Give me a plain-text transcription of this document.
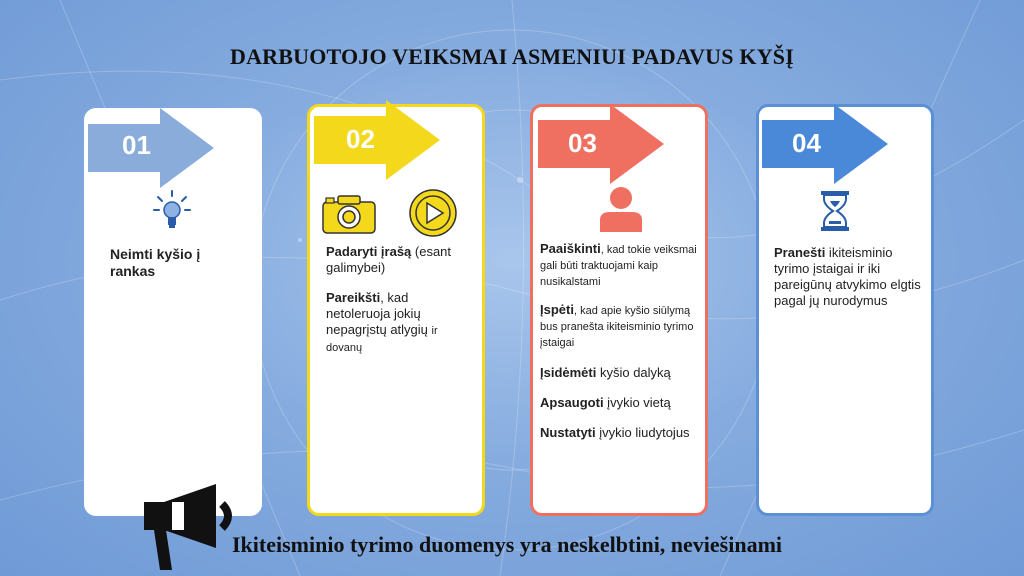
DARBUOTOJO VEIKSMAI ASMENIUI PADAVUS KYŠĮ
01
Neimti kyšio į rankas
02

Padaryti įrašą (esant galimybei)

Pareikšti, kad netoleruoja jokių nepagrįstų atlygių ir
dovanų

03

Paaiškinti, kad tokie veiksmai gali būti traktuojami kaip nusikalstami

Įspėti, kad apie kyšio siūlymą bus pranešta ikiteisminio tyrimo įstaigai

Įsidėmėti kyšio dalyką

Apsaugoti įvykio vietą

Nustatyti įvykio liudytojus

04

Pranešti ikiteisminio tyrimo įstaigai ir iki pareigūnų atvykimo elgtis pagal jų nurodymus

Ikiteisminio tyrimo duomenys yra neskelbtini, neviešinami
